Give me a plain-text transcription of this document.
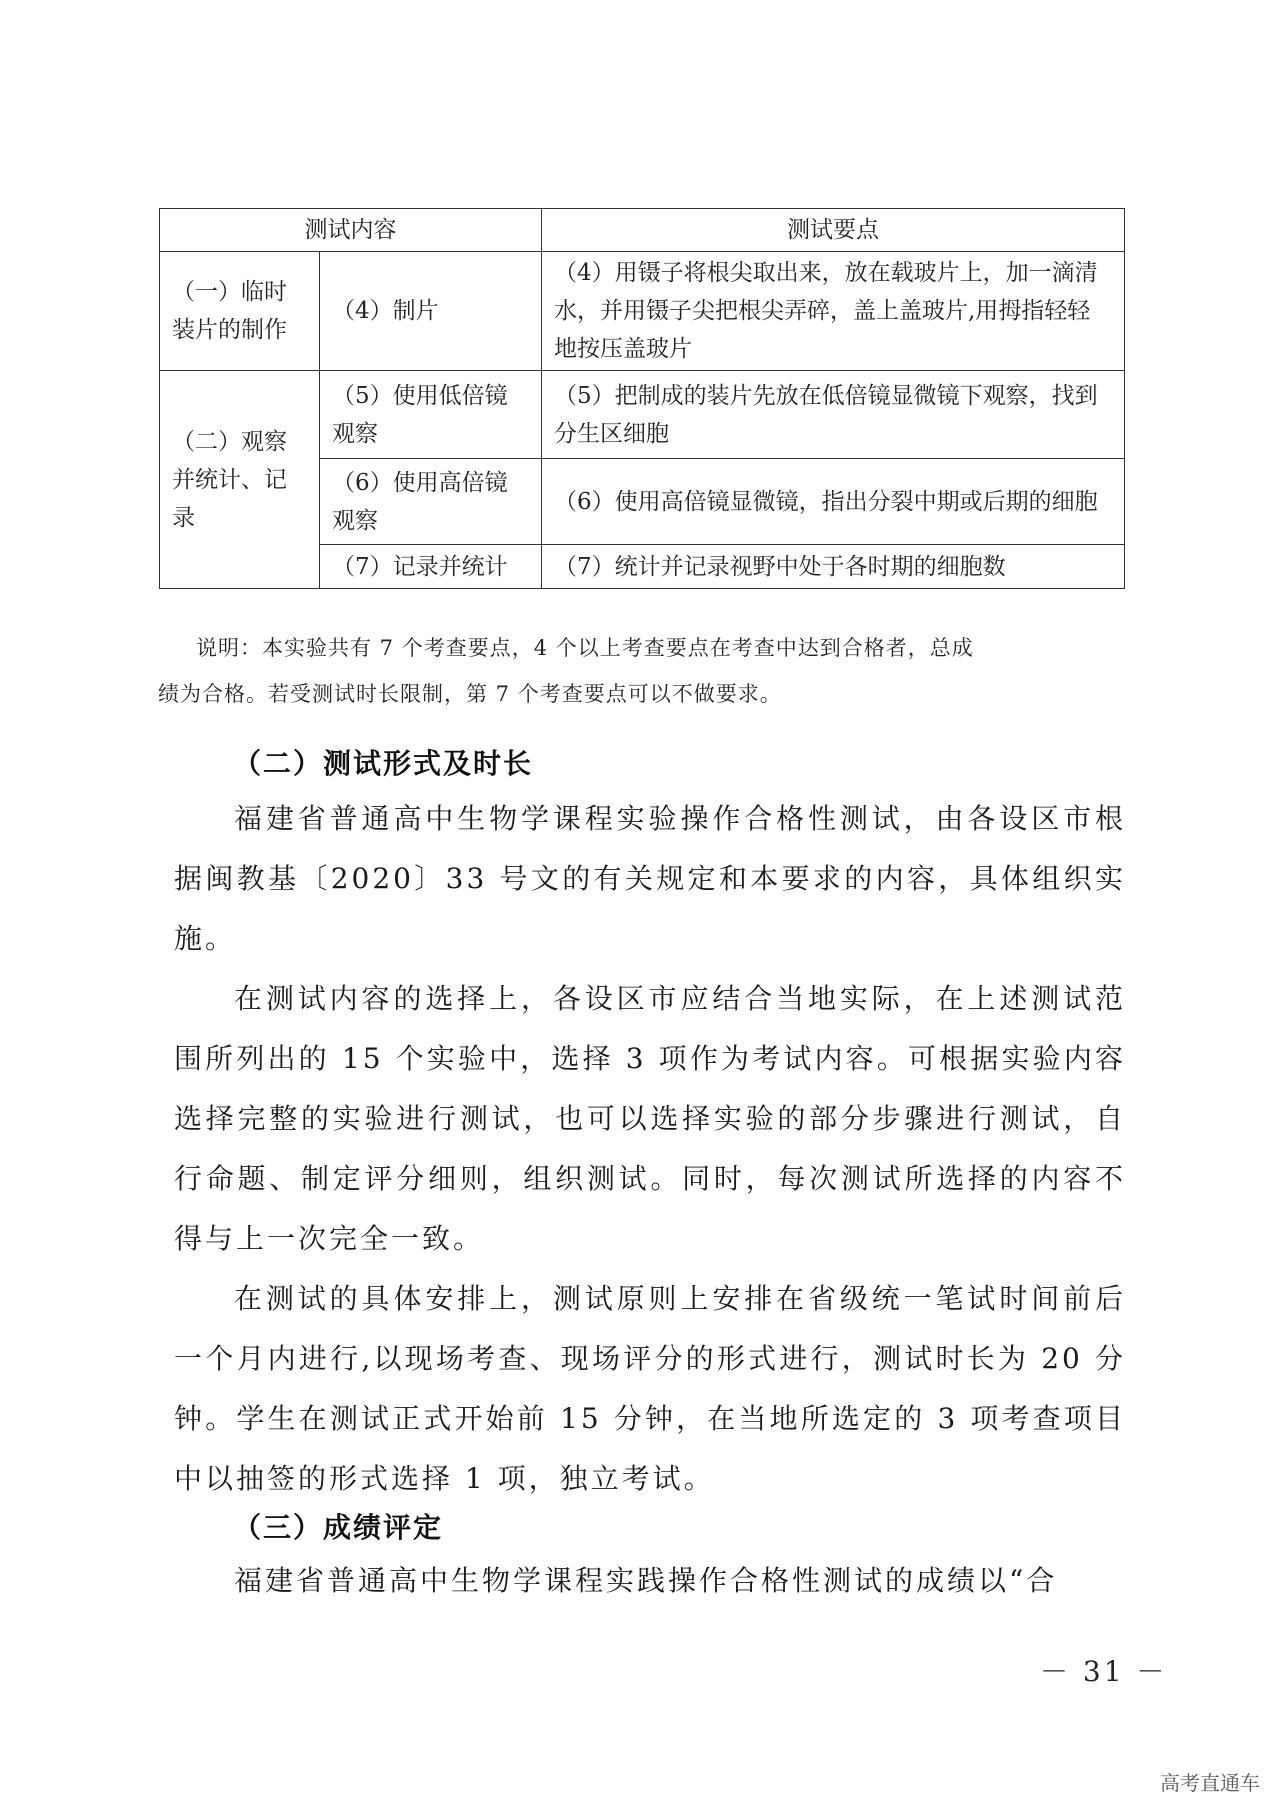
测试内容		测试要点
（一）临时装片的制作	（4）制片	（4）用镊子将根尖取出来，放在载玻片上，加一滴清水，并用镊子尖把根尖弄碎，盖上盖玻片,用拇指轻轻地按压盖玻片
（二）观察并统计、记录	（5）使用低倍镜观察	（5）把制成的装片先放在低倍镜显微镜下观察，找到分生区细胞
	（6）使用高倍镜观察	（6）使用高倍镜显微镜，指出分裂中期或后期的细胞
	（7）记录并统计	（7）统计并记录视野中处于各时期的细胞数
说明：本实验共有 7 个考查要点，4 个以上考查要点在考查中达到合格者，总成
绩为合格。若受测试时长限制，第 7 个考查要点可以不做要求。
（二）测试形式及时长
福建省普通高中生物学课程实验操作合格性测试，由各设区市根据闽教基〔2020〕33 号文的有关规定和本要求的内容，具体组织实施。
在测试内容的选择上，各设区市应结合当地实际，在上述测试范围所列出的 15 个实验中，选择 3 项作为考试内容。可根据实验内容选择完整的实验进行测试，也可以选择实验的部分步骤进行测试，自行命题、制定评分细则，组织测试。同时，每次测试所选择的内容不得与上一次完全一致。
在测试的具体安排上，测试原则上安排在省级统一笔试时间前后一个月内进行,以现场考查、现场评分的形式进行，测试时长为 20 分钟。学生在测试正式开始前 15 分钟，在当地所选定的 3 项考查项目中以抽签的形式选择 1 项，独立考试。
（三）成绩评定
福建省普通高中生物学课程实践操作合格性测试的成绩以“合
－ 31 －
高考直通车
